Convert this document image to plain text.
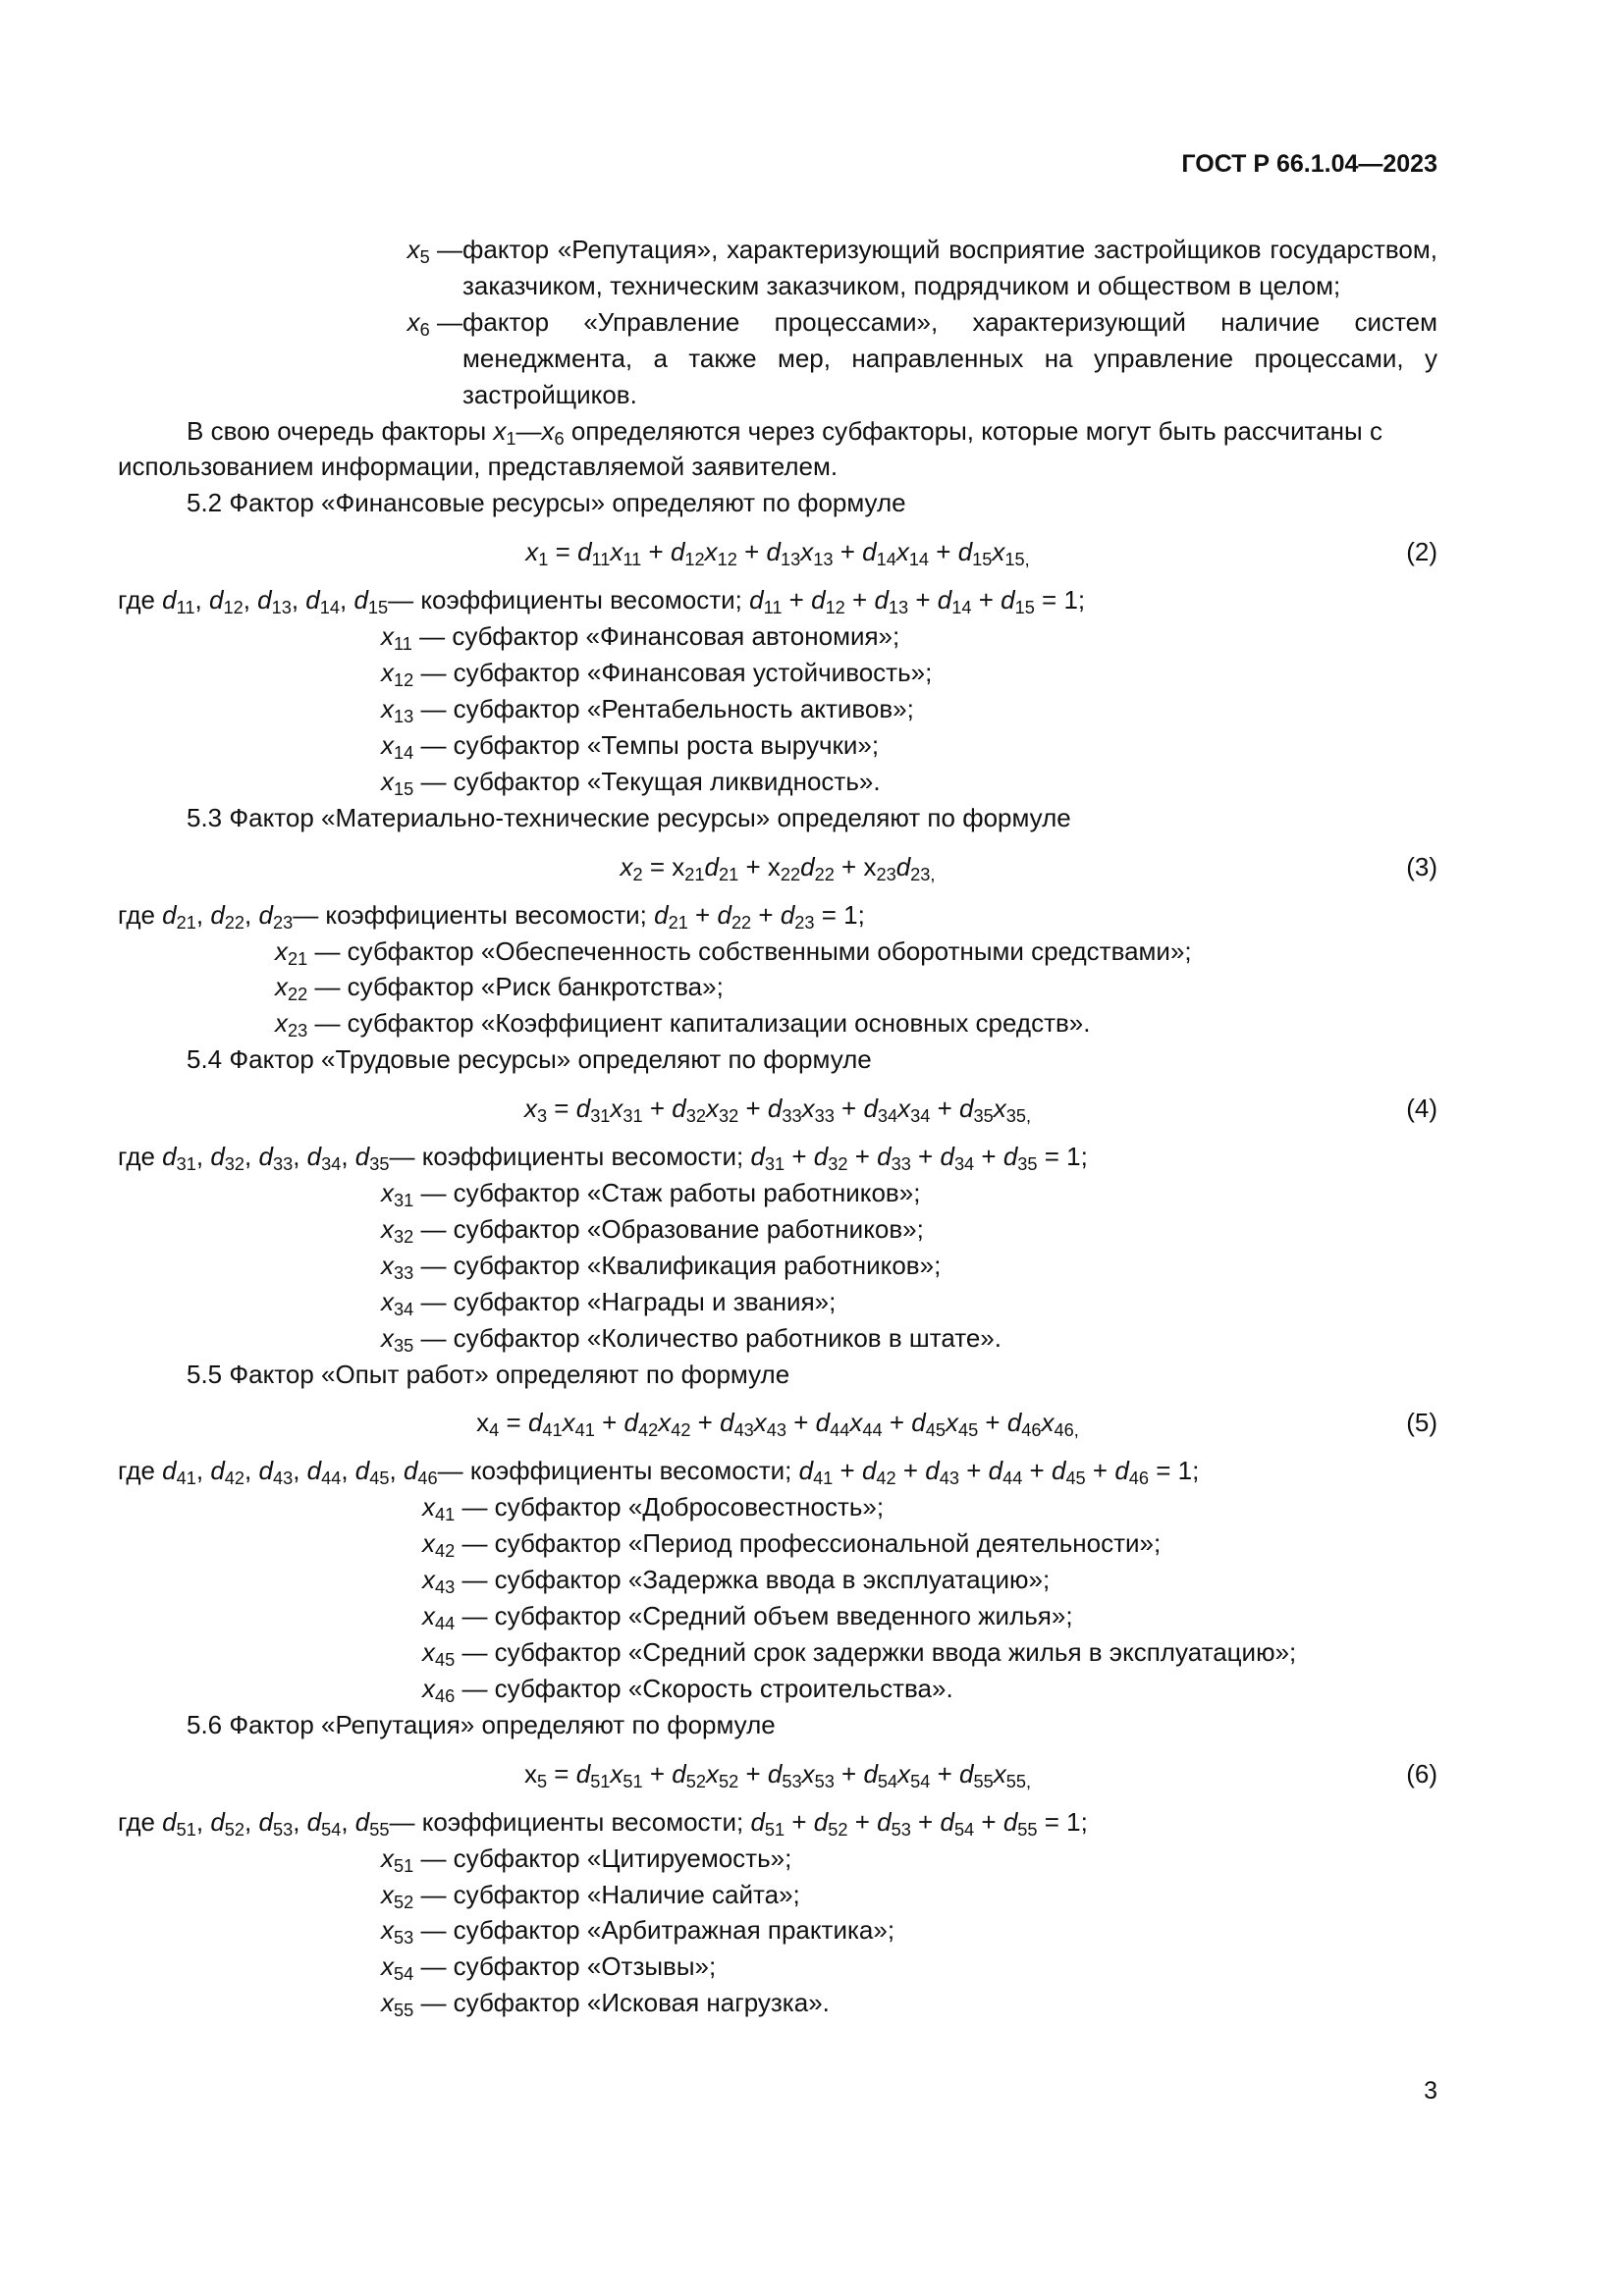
ГОСТ Р 66.1.04—2023
$x_5$ — фактор «Репутация», характеризующий восприятие застройщиков государством, заказчиком, техническим заказчиком, подрядчиком и обществом в целом;
$x_6$ — фактор «Управление процессами», характеризующий наличие систем менеджмента, а также мер, направленных на управление процессами, у застройщиков.

В свою очередь факторы $x_1—x_6$ определяются через субфакторы, которые могут быть рассчитаны с использованием информации, представляемой заявителем.

5.2 Фактор «Финансовые ресурсы» определяют по формуле

$x_1 = d_{11}x_{11} + d_{12}x_{12} + d_{13}x_{13} + d_{14}x_{14} + d_{15}x_{15,}$	(2)
где $d_{11}$, $d_{12}$, $d_{13}$, $d_{14}$, $d_{15}$ — коэффициенты весомости; $d_{11} + d_{12} + d_{13} + d_{14} + d_{15} = 1$;
$x_{11}$ — субфактор «Финансовая автономия»;
$x_{12}$ — субфактор «Финансовая устойчивость»;
$x_{13}$ — субфактор «Рентабельность активов»;
$x_{14}$ — субфактор «Темпы роста выручки»;
$x_{15}$ — субфактор «Текущая ликвидность».

5.3 Фактор «Материально-технические ресурсы» определяют по формуле

$x_2 = x_{21}d_{21} + x_{22}d_{22} + x_{23}d_{23,}$	(3)
где $d_{21}$, $d_{22}$, $d_{23}$ — коэффициенты весомости; $d_{21} + d_{22} + d_{23} = 1$;
$x_{21}$ — субфактор «Обеспеченность собственными оборотными средствами»;
$x_{22}$ — субфактор «Риск банкротства»;
$x_{23}$ — субфактор «Коэффициент капитализации основных средств».

5.4 Фактор «Трудовые ресурсы» определяют по формуле

$x_3 = d_{31}x_{31} + d_{32}x_{32} + d_{33}x_{33} + d_{34}x_{34} + d_{35}x_{35,}$	(4)
где $d_{31}$, $d_{32}$, $d_{33}$, $d_{34}$, $d_{35}$ — коэффициенты весомости; $d_{31} + d_{32} + d_{33} + d_{34} + d_{35} = 1$;
$x_{31}$ — субфактор «Стаж работы работников»;
$x_{32}$ — субфактор «Образование работников»;
$x_{33}$ — субфактор «Квалификация работников»;
$x_{34}$ — субфактор «Награды и звания»;
$x_{35}$ — субфактор «Количество работников в штате».

5.5 Фактор «Опыт работ» определяют по формуле

$x_4 = d_{41}x_{41} + d_{42}x_{42} + d_{43}x_{43} + d_{44}x_{44} + d_{45}x_{45} + d_{46}x_{46,}$	(5)
где $d_{41}$, $d_{42}$, $d_{43}$, $d_{44}$, $d_{45}$, $d_{46}$ — коэффициенты весомости; $d_{41} + d_{42} + d_{43} + d_{44} + d_{45} + d_{46} = 1$;
$x_{41}$ — субфактор «Добросовестность»;
$x_{42}$ — субфактор «Период профессиональной деятельности»;
$x_{43}$ — субфактор «Задержка ввода в эксплуатацию»;
$x_{44}$ — субфактор «Средний объем введенного жилья»;
$x_{45}$ — субфактор «Средний срок задержки ввода жилья в эксплуатацию»;
$x_{46}$ — субфактор «Скорость строительства».

5.6 Фактор «Репутация» определяют по формуле

$x_5 = d_{51}x_{51} + d_{52}x_{52} + d_{53}x_{53} + d_{54}x_{54} + d_{55}x_{55,}$	(6)
где $d_{51}$, $d_{52}$, $d_{53}$, $d_{54}$, $d_{55}$ — коэффициенты весомости; $d_{51} + d_{52} + d_{53} + d_{54} + d_{55} = 1$;
$x_{51}$ — субфактор «Цитируемость»;
$x_{52}$ — субфактор «Наличие сайта»;
$x_{53}$ — субфактор «Арбитражная практика»;
$x_{54}$ — субфактор «Отзывы»;
$x_{55}$ — субфактор «Исковая нагрузка».
3
